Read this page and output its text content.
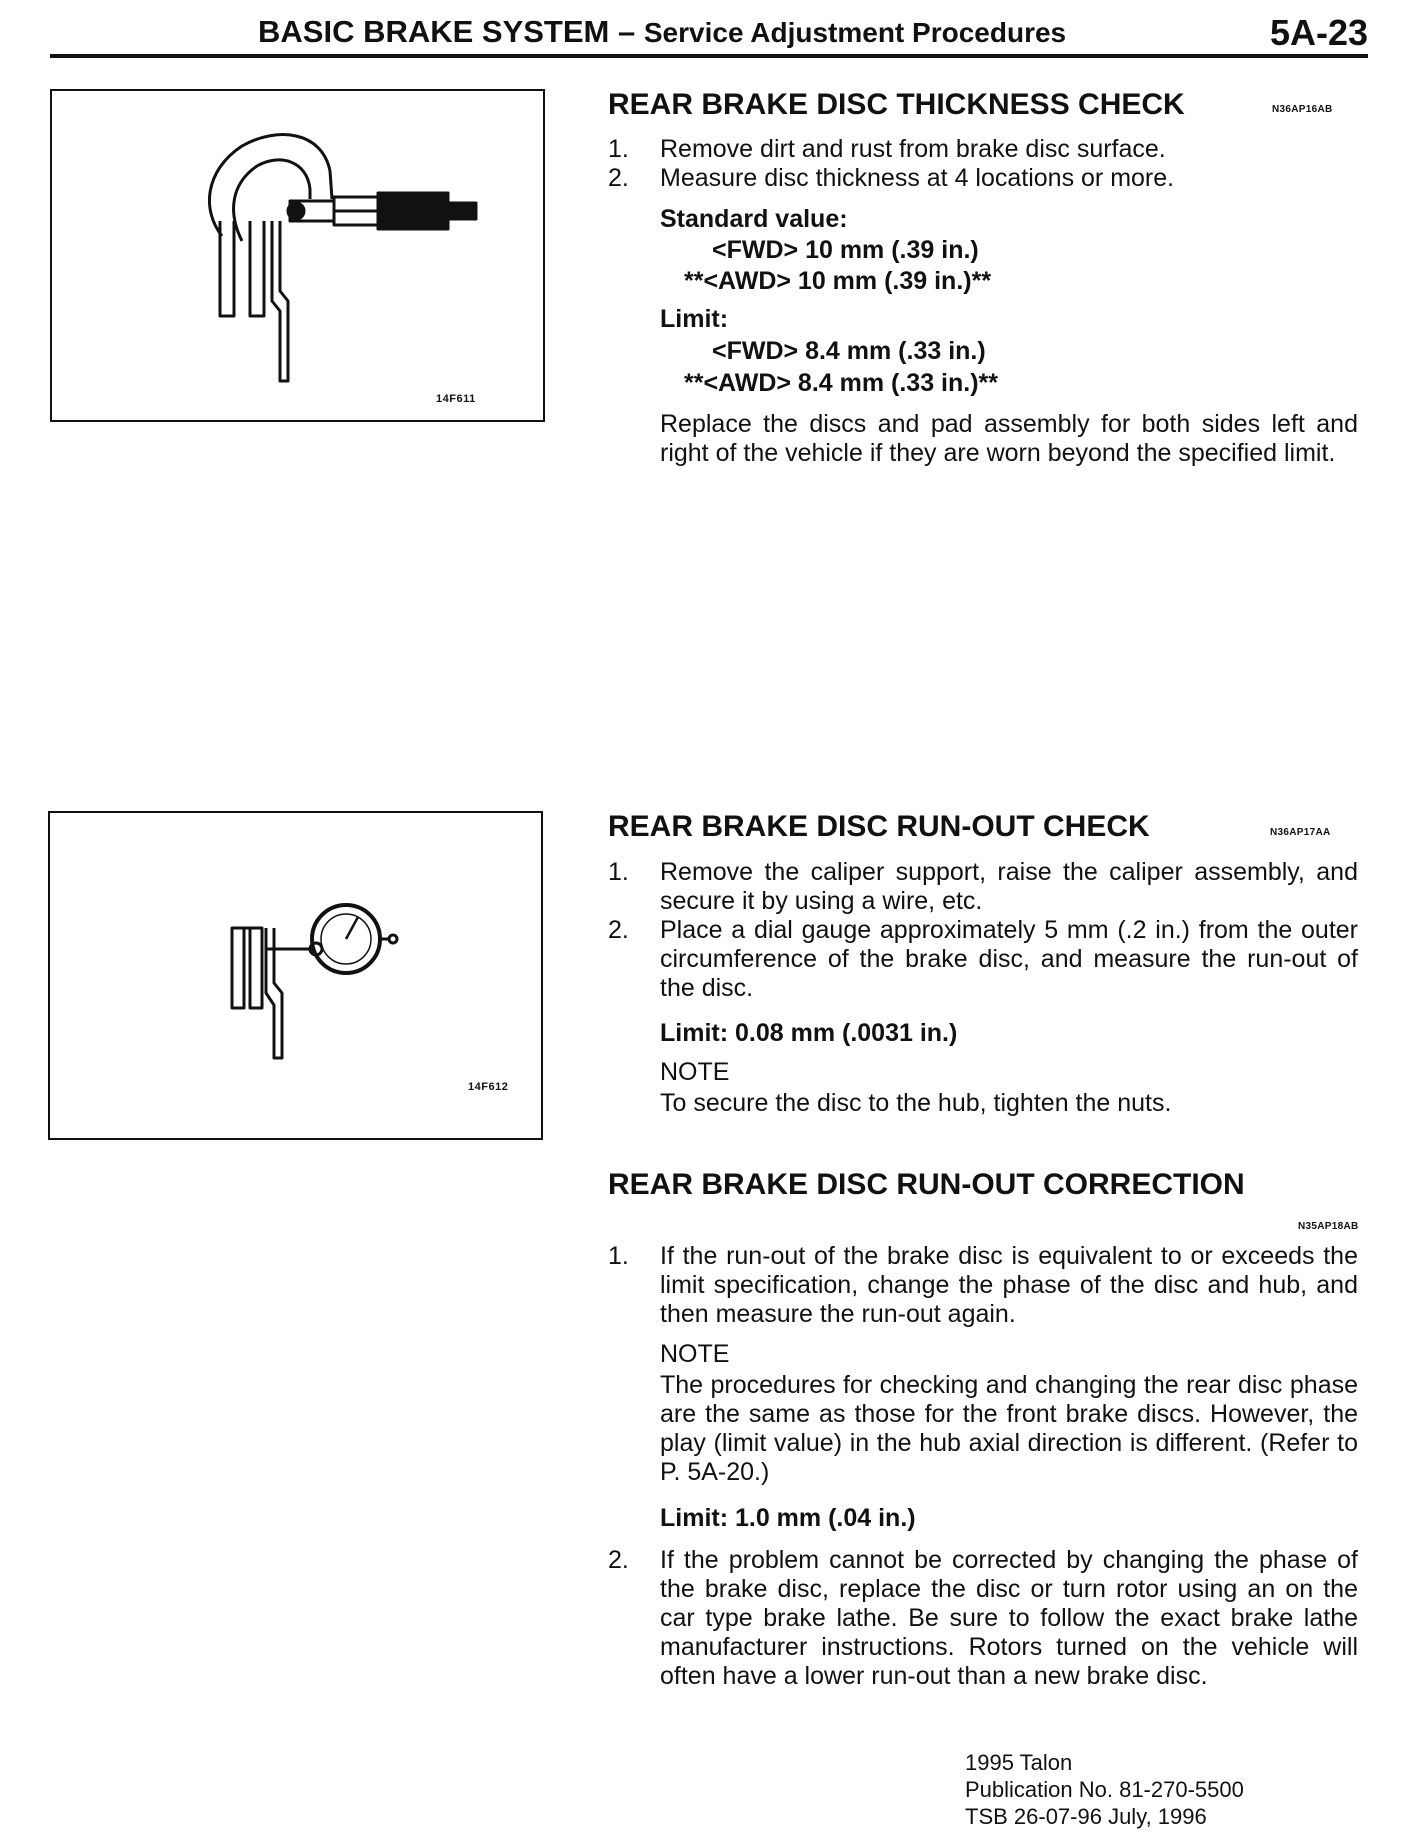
BASIC BRAKE SYSTEM – Service Adjustment Procedures	5A-23
14F611
REAR BRAKE DISC THICKNESS CHECK	N36AP16AB
1. Remove dirt and rust from brake disc surface.
2. Measure disc thickness at 4 locations or more.
Standard value:
<FWD> 10 mm (.39 in.)
**<AWD> 10 mm (.39 in.)**
Limit:
<FWD> 8.4 mm (.33 in.)
**<AWD> 8.4 mm (.33 in.)**
Replace the discs and pad assembly for both sides left and right of the vehicle if they are worn beyond the specified limit.
14F612
REAR BRAKE DISC RUN-OUT CHECK	N36AP17AA
1. Remove the caliper support, raise the caliper assembly, and secure it by using a wire, etc.
2. Place a dial gauge approximately 5 mm (.2 in.) from the outer circumference of the brake disc, and measure the run-out of the disc.
Limit: 0.08 mm (.0031 in.)
NOTE
To secure the disc to the hub, tighten the nuts.
REAR BRAKE DISC RUN-OUT CORRECTION
N35AP18AB
1. If the run-out of the brake disc is equivalent to or exceeds the limit specification, change the phase of the disc and hub, and then measure the run-out again.
NOTE
The procedures for checking and changing the rear disc phase are the same as those for the front brake discs. However, the play (limit value) in the hub axial direction is different. (Refer to P. 5A-20.)
Limit: 1.0 mm (.04 in.)
2. If the problem cannot be corrected by changing the phase of the brake disc, replace the disc or turn rotor using an on the car type brake lathe. Be sure to follow the exact brake lathe manufacturer instructions. Rotors turned on the vehicle will often have a lower run-out than a new brake disc.
1995 Talon
Publication No. 81-270-5500
TSB 26-07-96 July, 1996
